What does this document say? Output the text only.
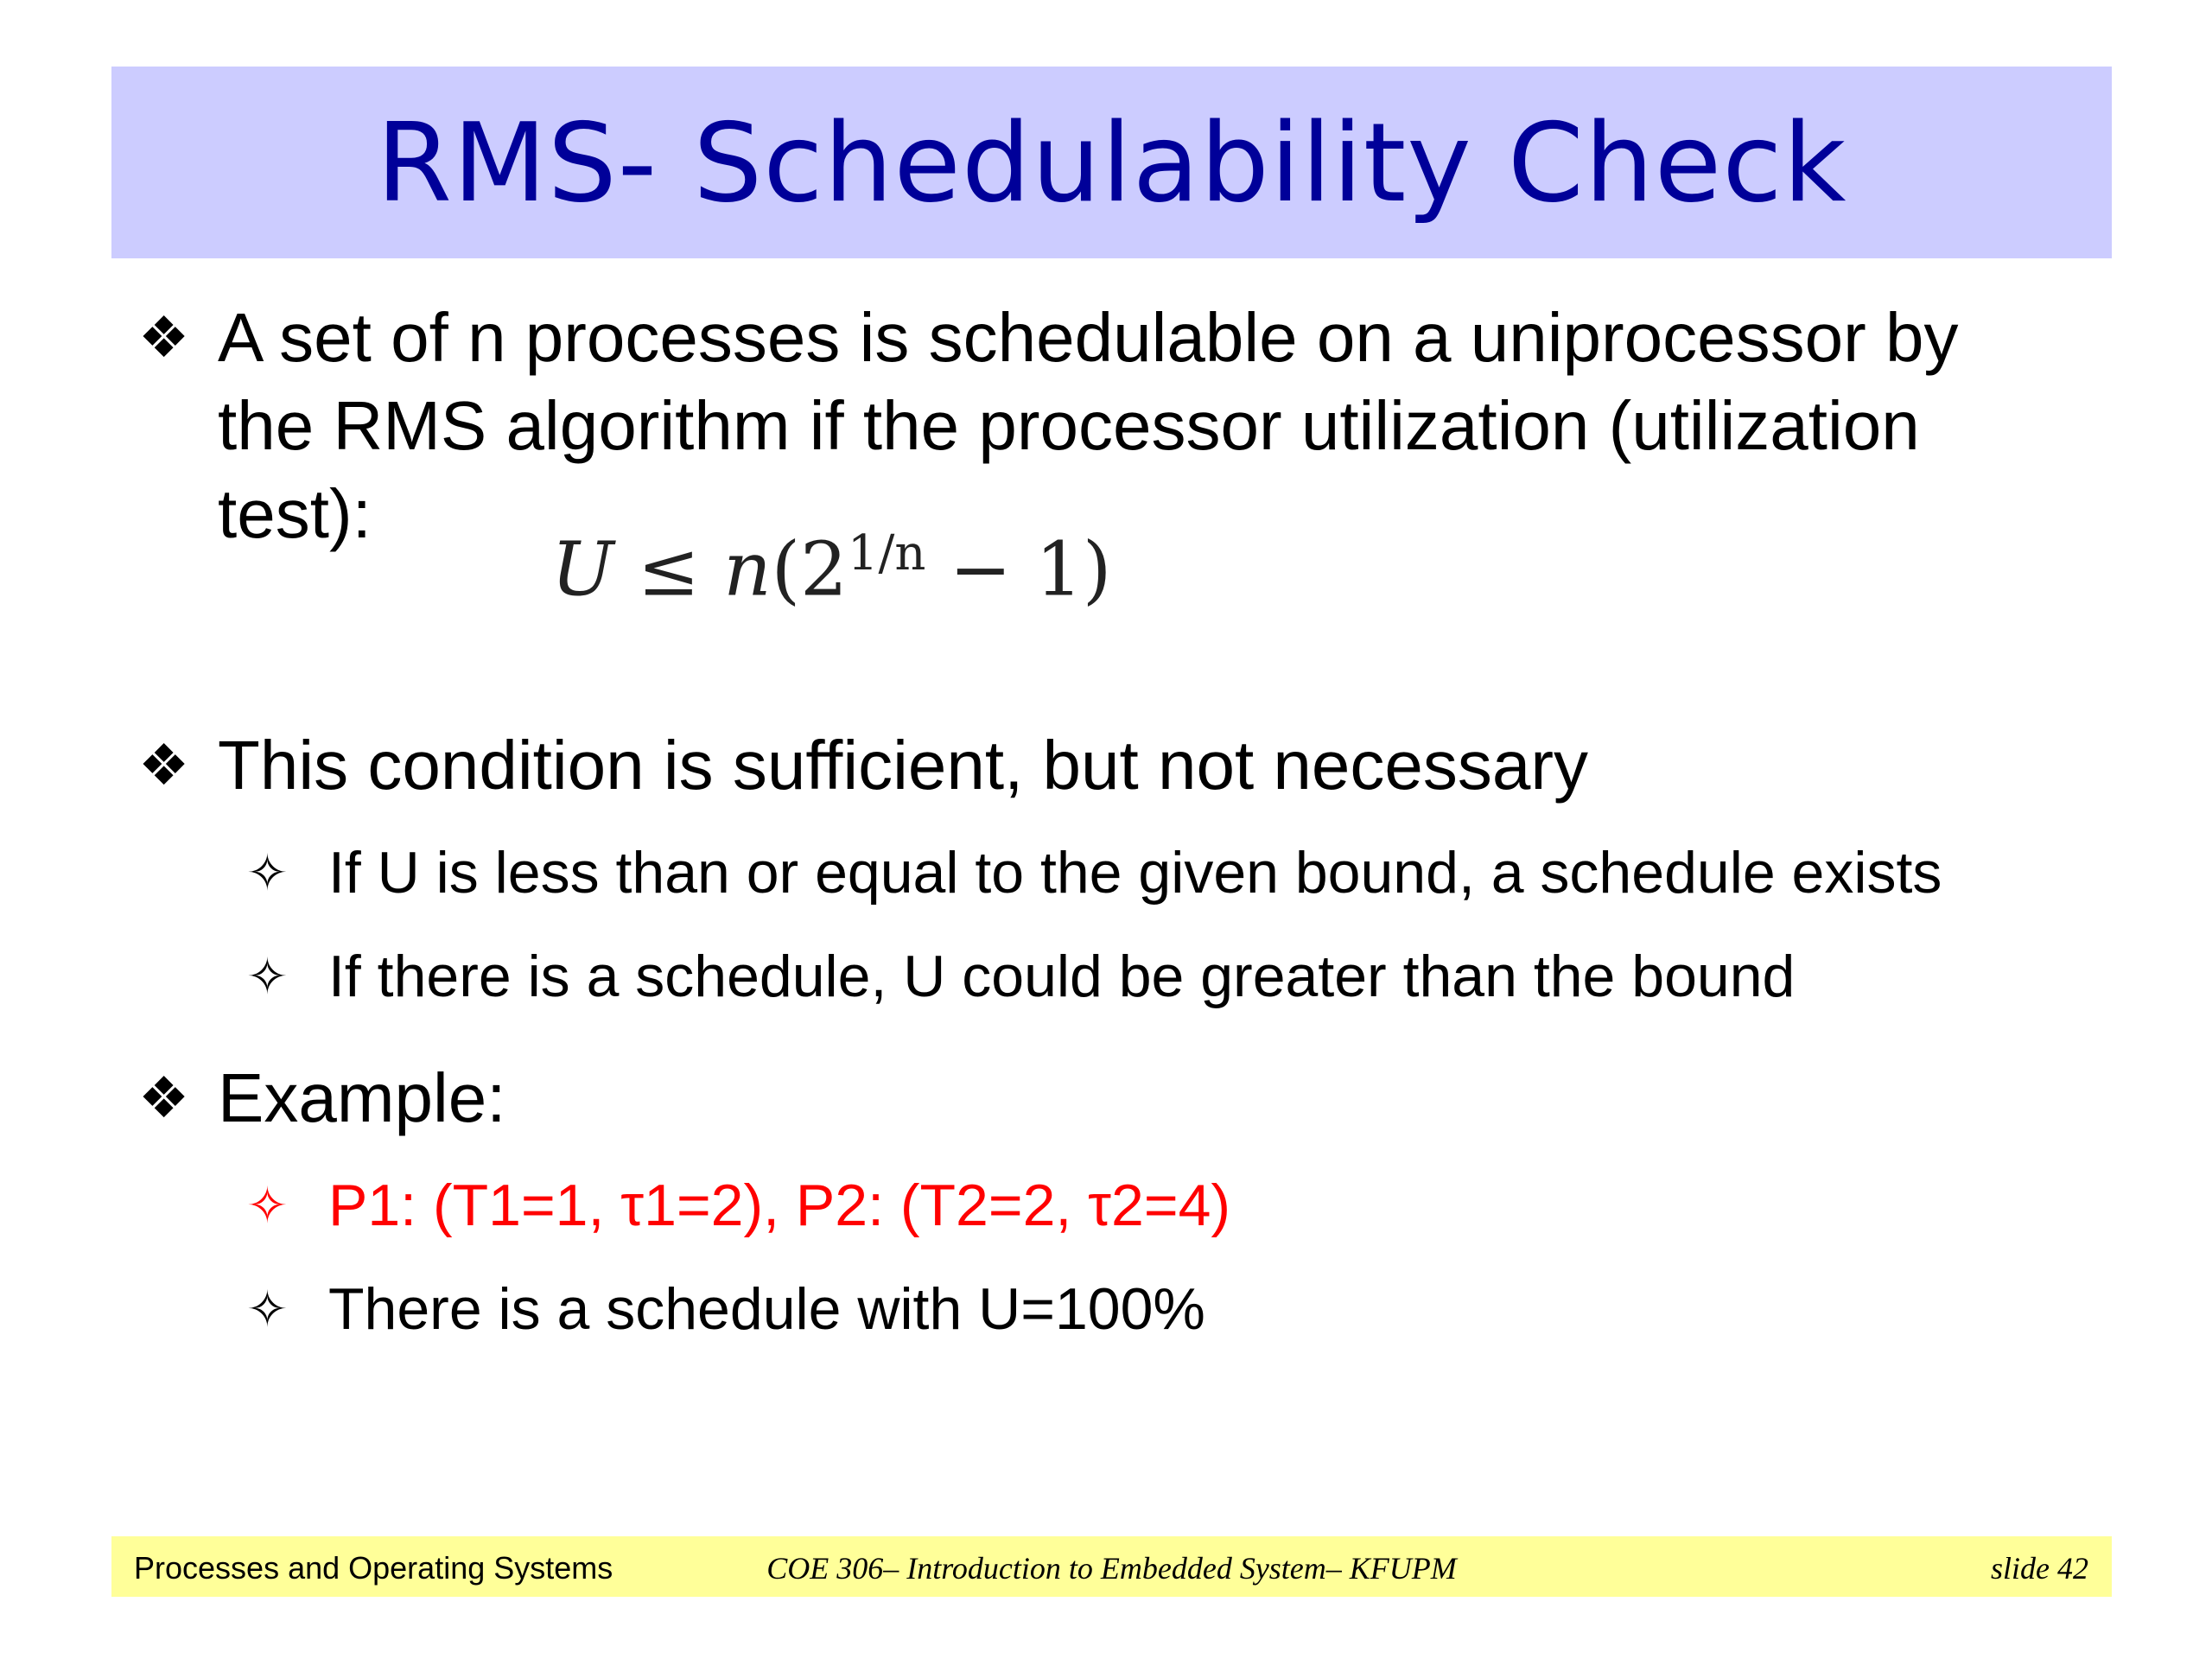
RMS- Schedulability Check
❖ A set of n processes is schedulable on a uniprocessor by
the RMS algorithm if the processor utilization (utilization
test):
$U \le n(2^{1/n} - 1)$
❖ This condition is sufficient, but not necessary
✧ If U is less than or equal to the given bound, a schedule exists
✧ If there is a schedule, U could be greater than the bound
❖ Example:
✧ P1: (T1=1, τ1=2), P2: (T2=2, τ2=4)
✧ There is a schedule with U=100%
Processes and Operating Systems	COE 306– Introduction to Embedded System– KFUPM	slide 42
